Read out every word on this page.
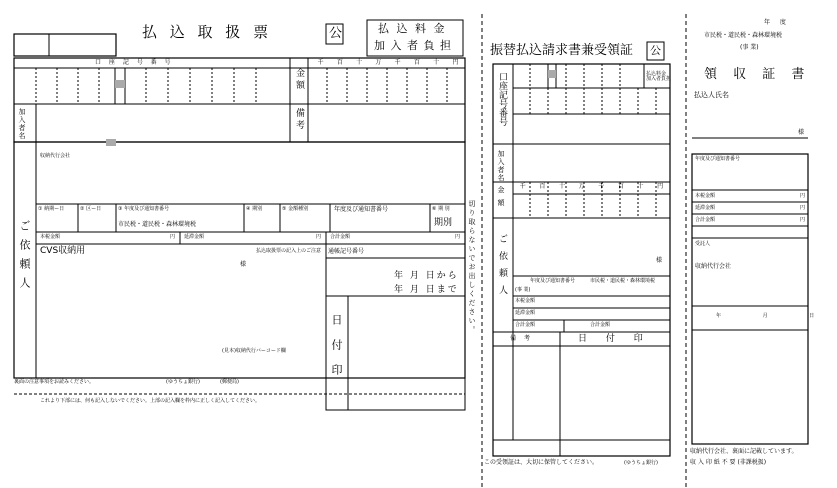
払 込 取 扱 票	公	払 込 料 金
加 入 者 負 担
口 座 記 号 番 号	千 百 十 万 千 百 十 円
金額
加入者名	備考
収納代行会社
① 納期ー日	② 区ー日	③ 年度及び通知書番号	④ 期別	⑤ 金額種別	⑥ 期 別
市民税・道民税・森林環境税
年度及び通知書番号
期別
本税金額	円 延滞金額	円 合計金額	円
ご依頼人 CVS収納用	払込取扱票の記入上のご注意
様
通帳記号番号
年 月 日から
年 月 日まで
日付印
(見本)収納代行バーコード欄
裏面の注意事項をお読みください。	(ゆうちょ銀行)	(郵便局)
これより下部には、何も記入しないでください。上部の記入欄を枠内に正しく記入してください。
切り取らないでお出しください。
振替払込請求書兼受領証 公
口座記号番号	払込料金
加入者負担
加入者名
金額 千 百 十 万 千 百 十 円
ご依頼人	様
年度及び通知書番号	市民税・道民税・森林環境税
(事 業)
本税金額
延滞金額
合計金額	合計金額
備考	日 付 印
この受領証は、大切に保管してください。	(ゆうちょ銀行)
年 度
市民税・道民税・森林環境税
(事 業)
領 収 証 書
払込人氏名
様
年度及び通知書番号
本税金額	円
延滞金額	円
合計金額	円
受託人
収納代行会社
年 月 日
収納代行会社、裏面に記載しています。
収 入 印 紙 不 要 (非課税扱)
